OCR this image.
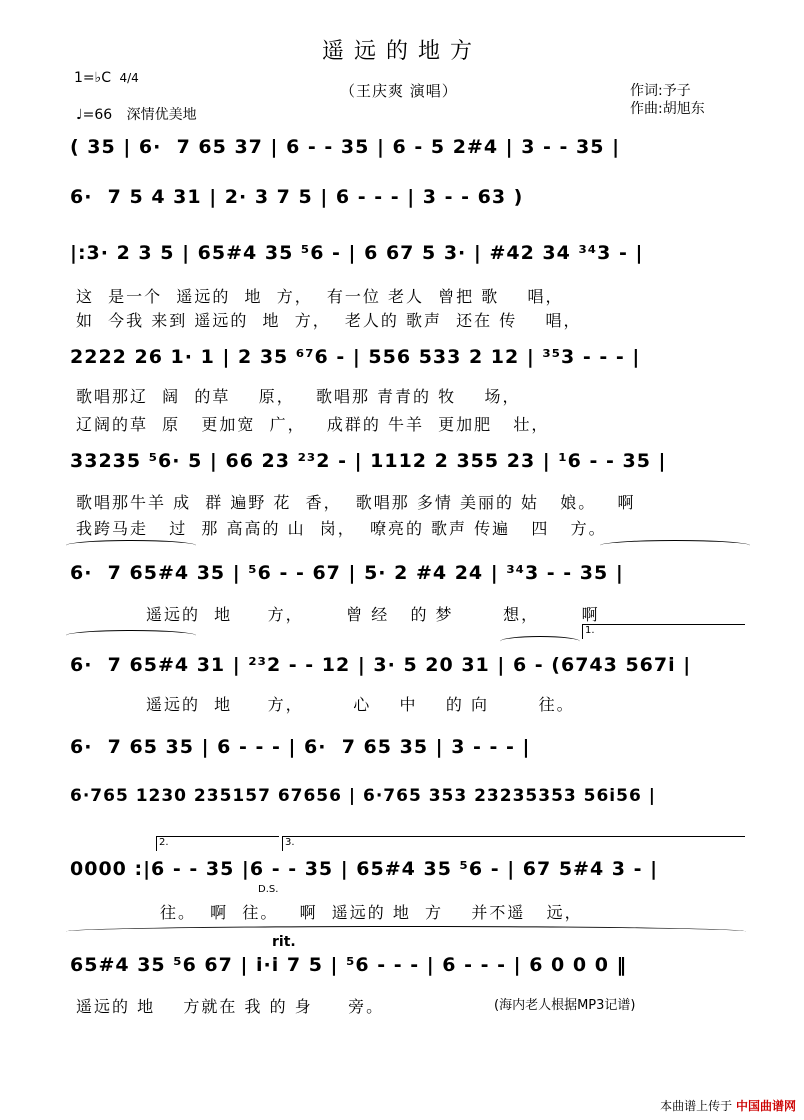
遥远的地方
（王庆爽 演唱）
1=♭C 4/4
♩=66 深情优美地
作词:予子
作曲:胡旭东
( 35 | 6·  7 65 37 | 6 - - 35 | 6 - 5 2#4 | 3 - - 35 |
6·  7 5 4 31 | 2· 3 7 5 | 6 - - - | 3 - - 63 )
|:3· 2 3 5 | 65#4 35 ⁵6 - | 6 67 5 3· | #42 34 ³⁴3 - |
这  是一个  遥远的  地  方，  有一位 老人  曾把 歌    唱，
如  今我 来到 遥远的  地  方，  老人的 歌声  还在 传    唱，
2222 26 1· 1 | 2 35 ⁶⁷6 - | 556 533 2 12 | ³⁵3 - - - |
歌唱那辽  阔  的草    原，   歌唱那 青青的 牧    场，
辽阔的草  原   更加宽  广，   成群的 牛羊  更加肥   壮，
33235 ⁵6· 5 | 66 23 ²³2 - | 1112 2 355 23 | ¹6 - - 35 |
歌唱那牛羊 成  群 遍野 花  香，  歌唱那 多情 美丽的 姑   娘。   啊
我跨马走   过  那 高高的 山  岗，  嘹亮的 歌声 传遍   四   方。
6·  7 65#4 35 | ⁵6 - - 67 | 5· 2 #4 24 | ³⁴3 - - 35 |
遥远的  地     方，      曾 经   的 梦       想，      啊
1.
6·  7 65#4 31 | ²³2 - - 12 | 3· 5 20 31 | 6 - (6743 567i |
遥远的  地     方，       心    中    的 向       往。
6·  7 65 35 | 6 - - - | 6·  7 65 35 | 3 - - - |
6·765 1230 235157 67656 | 6·765 353 23235353 56i56 |
2.	3.
0000 :|6 - - 35 |6 - - 35 | 65#4 35 ⁵6 - | 67 5#4 3 - |
D.S.
往。  啊  往。   啊  遥远的 地  方    并不遥   远，
rit.
65#4 35 ⁵6 67 | i·i 7 5 | ⁵6 - - - | 6 - - - | 6 0 0 0 ‖
遥远的 地    方就在 我 的 身     旁。	(海内老人根据MP3记谱)
本曲谱上传于 中国曲谱网
